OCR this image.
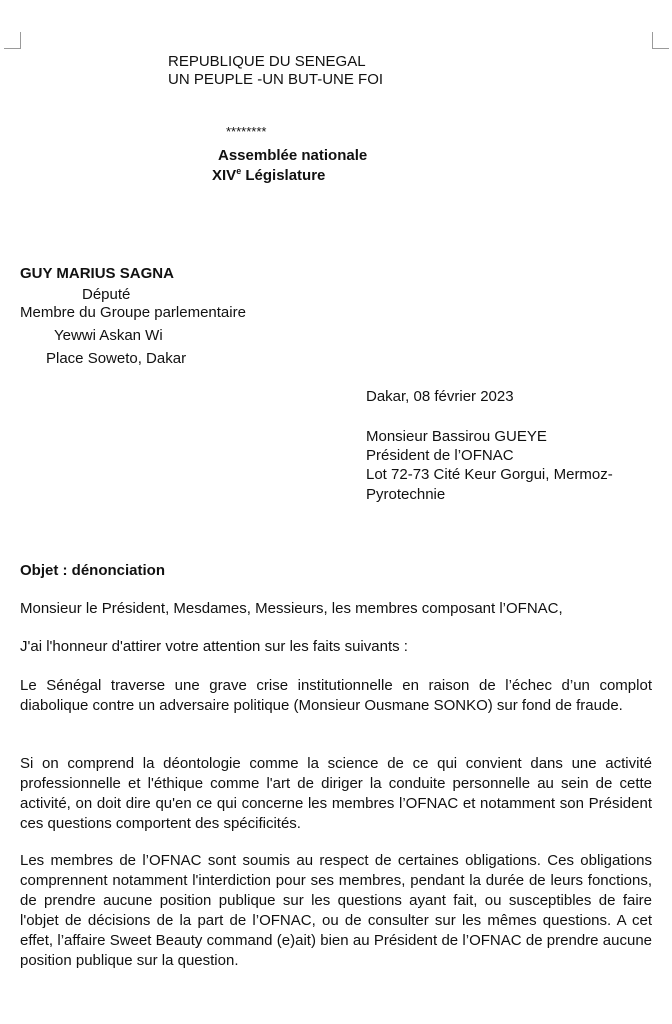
REPUBLIQUE DU SENEGAL
UN PEUPLE -UN BUT-UNE FOI
********
Assemblée nationale
XIVe Législature
GUY MARIUS SAGNA
Député
Membre du Groupe parlementaire
Yewwi Askan Wi
Place Soweto, Dakar
Dakar, 08 février 2023
Monsieur Bassirou GUEYE
Président de l’OFNAC
Lot 72-73 Cité Keur Gorgui, Mermoz-
Pyrotechnie
Objet : dénonciation
Monsieur le Président, Mesdames, Messieurs, les membres composant l’OFNAC,
J'ai l'honneur d'attirer votre attention sur les faits suivants :
Le Sénégal traverse une grave crise institutionnelle en raison de l’échec d’un complot diabolique contre un adversaire politique (Monsieur Ousmane SONKO) sur fond de fraude.
Si on comprend la déontologie comme la science de ce qui convient dans une activité professionnelle et l'éthique comme l'art de diriger la conduite personnelle au sein de cette activité, on doit dire qu'en ce qui concerne les membres l’OFNAC et notamment son Président ces questions comportent des spécificités.
Les membres de l’OFNAC sont soumis au respect de certaines obligations. Ces obligations comprennent notamment l'interdiction pour ses membres, pendant la durée de leurs fonctions, de prendre aucune position publique sur les questions ayant fait, ou susceptibles de faire l'objet de décisions de la part de l’OFNAC, ou de consulter sur les mêmes questions. A cet effet, l’affaire Sweet Beauty command (e)ait) bien au Président de l’OFNAC de prendre aucune position publique sur la question.
